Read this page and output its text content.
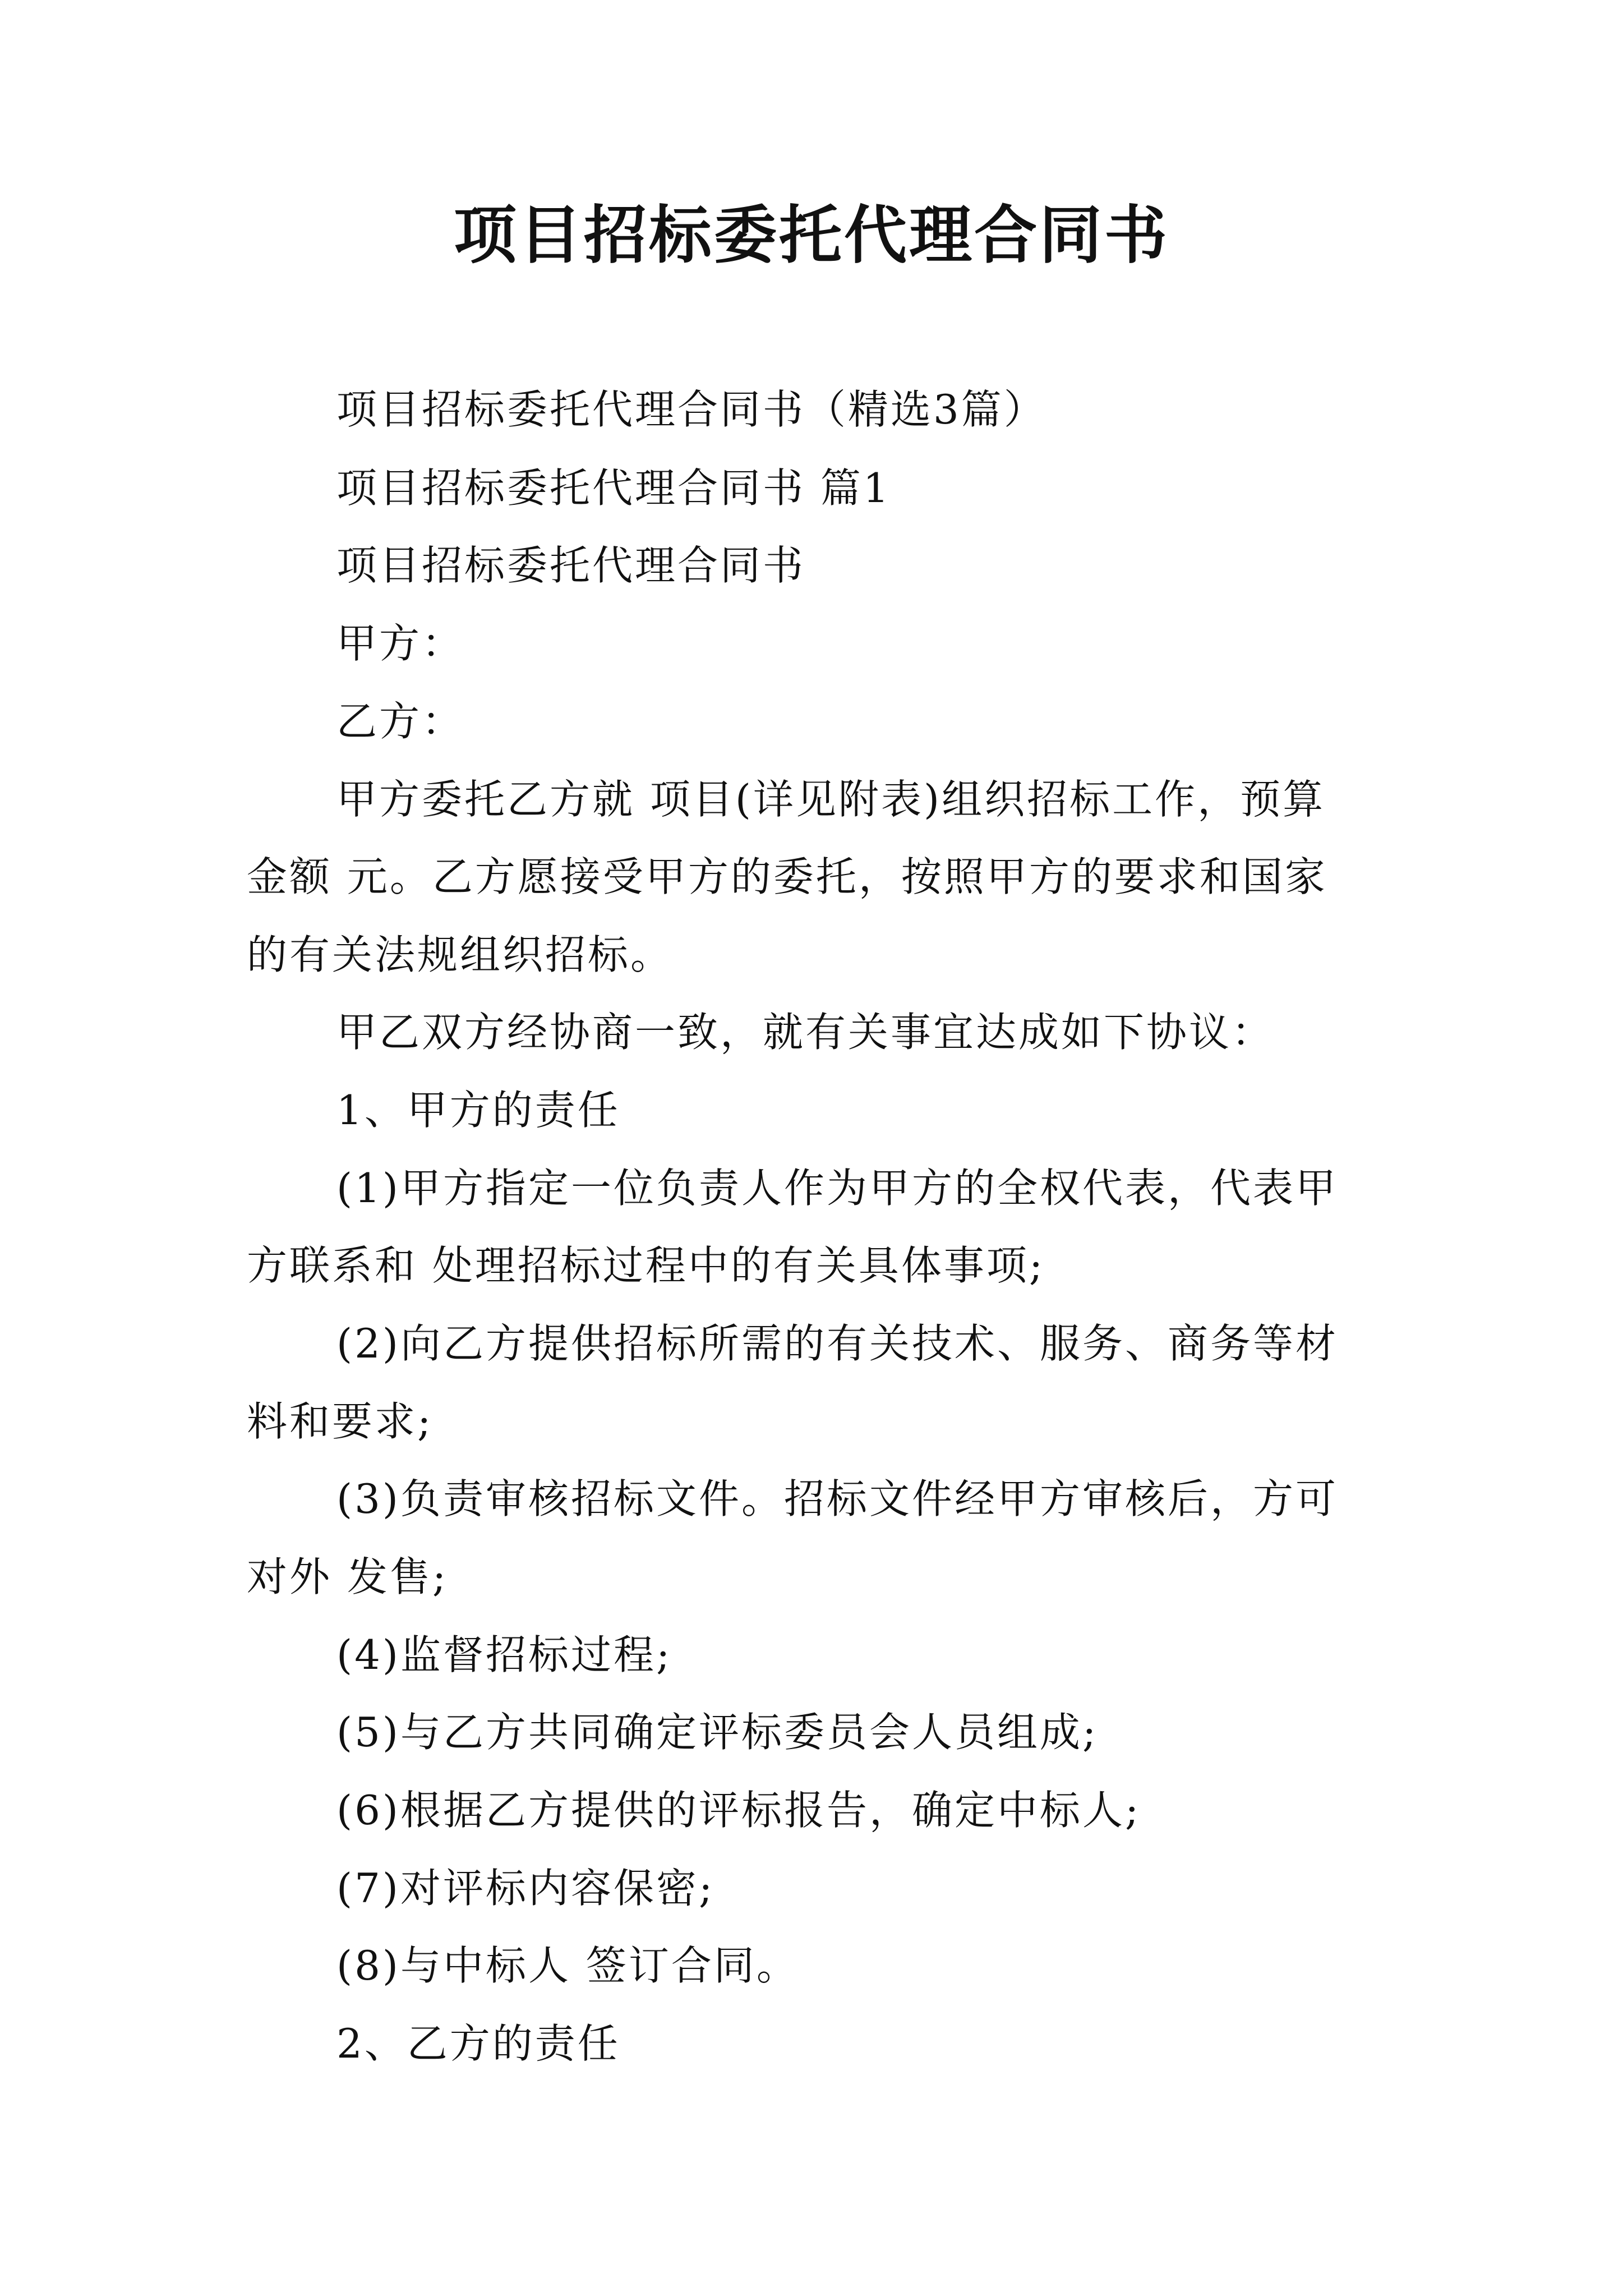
项目招标委托代理合同书

项目招标委托代理合同书（精选3篇）

项目招标委托代理合同书 篇1

项目招标委托代理合同书

甲方：

乙方：

甲方委托乙方就 项目(详见附表)组织招标工作，预算

金额 元。乙方愿接受甲方的委托，按照甲方的要求和国家

的有关法规组织招标。

甲乙双方经协商一致，就有关事宜达成如下协议：

1、甲方的责任

(1)甲方指定一位负责人作为甲方的全权代表，代表甲

方联系和 处理招标过程中的有关具体事项;

(2)向乙方提供招标所需的有关技术、服务、商务等材

料和要求;

(3)负责审核招标文件。招标文件经甲方审核后，方可

对外 发售;

(4)监督招标过程;

(5)与乙方共同确定评标委员会人员组成;

(6)根据乙方提供的评标报告，确定中标人;

(7)对评标内容保密;

(8)与中标人 签订合同。

2、乙方的责任
